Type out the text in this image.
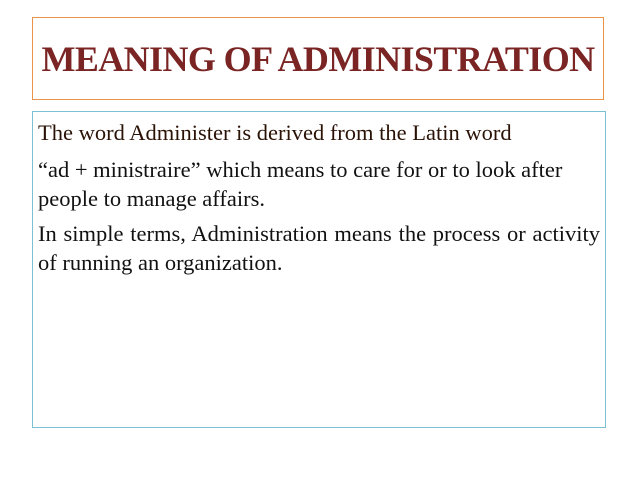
MEANING OF ADMINISTRATION

The word Administer is derived from the Latin word

“ad + ministraire” which means to care for or to look after people to manage affairs.

In simple terms, Administration means the process or activity of running an organization.
